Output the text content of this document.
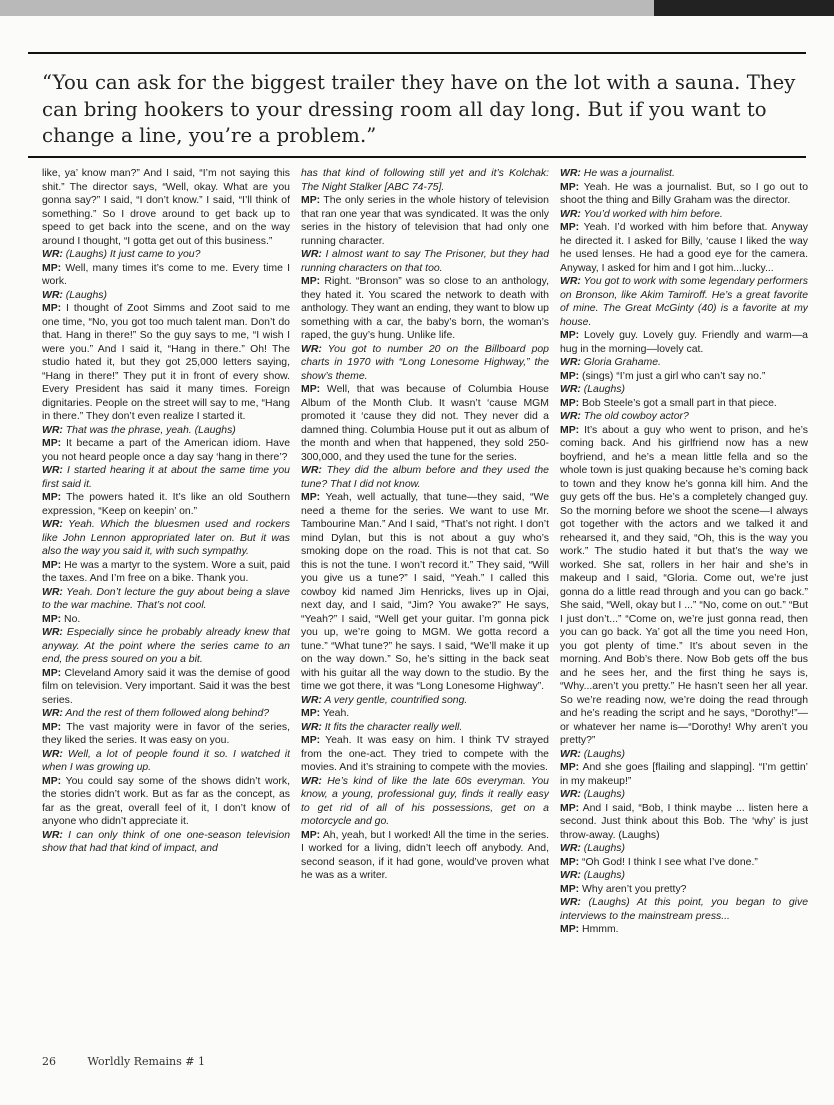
“You can ask for the biggest trailer they have on the lot with a sauna. They can bring hookers to your dressing room all day long. But if you want to change a line, you’re a problem.”

like, ya’ know man?” And I said, “I’m not saying this shit.” The director says, “Well, okay. What are you gonna say?” I said, “I don’t know.” I said, “I’ll think of something.” So I drove around to get back up to speed to get back into the scene, and on the way around I thought, “I gotta get out of this business.”

WR: (Laughs) It just came to you?

MP: Well, many times it’s come to me. Every time I work.

WR: (Laughs)

MP: I thought of Zoot Simms and Zoot said to me one time, “No, you got too much talent man. Don’t do that. Hang in there!” So the guy says to me, “I wish I were you.” And I said it, “Hang in there.” Oh! The studio hated it, but they got 25,000 letters saying, “Hang in there!” They put it in front of every show. Every President has said it many times. Foreign dignitaries. People on the street will say to me, “Hang in there.” They don’t even realize I started it.

WR: That was the phrase, yeah. (Laughs)

MP: It became a part of the American idiom. Have you not heard people once a day say ‘hang in there’?

WR: I started hearing it at about the same time you first said it.

MP: The powers hated it. It’s like an old Southern expression, “Keep on keepin’ on.”

WR: Yeah. Which the bluesmen used and rockers like John Lennon appropriated later on. But it was also the way you said it, with such sympathy.

MP: He was a martyr to the system. Wore a suit, paid the taxes. And I’m free on a bike. Thank you.

WR: Yeah. Don’t lecture the guy about being a slave to the war machine. That’s not cool.

MP: No.

WR: Especially since he probably already knew that anyway. At the point where the series came to an end, the press soured on you a bit.

MP: Cleveland Amory said it was the demise of good film on television. Very important. Said it was the best series.

WR: And the rest of them followed along behind?

MP: The vast majority were in favor of the series, they liked the series. It was easy on you.

WR: Well, a lot of people found it so. I watched it when I was growing up.

MP: You could say some of the shows didn’t work, the stories didn’t work. But as far as the concept, as far as the great, overall feel of it, I don’t know of anyone who didn’t appreciate it.

WR: I can only think of one one-season television show that had that kind of impact, and

has that kind of following still yet and it’s Kolchak: The Night Stalker [ABC 74-75].

MP: The only series in the whole history of television that ran one year that was syndicated. It was the only series in the history of television that had only one running character.

WR: I almost want to say The Prisoner, but they had running characters on that too.

MP: Right. “Bronson” was so close to an anthology, they hated it. You scared the network to death with anthology. They want an ending, they want to blow up something with a car, the baby’s born, the woman’s raped, the guy’s hung. Unlike life.

WR: You got to number 20 on the Billboard pop charts in 1970 with “Long Lonesome Highway,” the show’s theme.

MP: Well, that was because of Columbia House Album of the Month Club. It wasn’t ‘cause MGM promoted it ‘cause they did not. They never did a damned thing. Columbia House put it out as album of the month and when that happened, they sold 250-300,000, and they used the tune for the series.

WR: They did the album before and they used the tune? That I did not know.

MP: Yeah, well actually, that tune—they said, “We need a theme for the series. We want to use Mr. Tambourine Man.” And I said, “That’s not right. I don’t mind Dylan, but this is not about a guy who’s smoking dope on the road. This is not that cat. So this is not the tune. I won’t record it.” They said, “Will you give us a tune?” I said, “Yeah.” I called this cowboy kid named Jim Henricks, lives up in Ojai, next day, and I said, “Jim? You awake?” He says, “Yeah?” I said, “Well get your guitar. I’m gonna pick you up, we’re going to MGM. We gotta record a tune.” “What tune?” he says. I said, “We’ll make it up on the way down.” So, he’s sitting in the back seat with his guitar all the way down to the studio. By the time we got there, it was “Long Lonesome Highway”.

WR: A very gentle, countrified song.

MP: Yeah.

WR: It fits the character really well.

MP: Yeah. It was easy on him. I think TV strayed from the one-act. They tried to compete with the movies. And it’s straining to compete with the movies.

WR: He’s kind of like the late 60s everyman. You know, a young, professional guy, finds it really easy to get rid of all of his possessions, get on a motorcycle and go.

MP: Ah, yeah, but I worked! All the time in the series. I worked for a living, didn’t leech off anybody. And, second season, if it had gone, would’ve proven what he was as a writer.

WR: He was a journalist.

MP: Yeah. He was a journalist. But, so I go out to shoot the thing and Billy Graham was the director.

WR: You’d worked with him before.

MP: Yeah. I’d worked with him before that. Anyway he directed it. I asked for Billy, ‘cause I liked the way he used lenses. He had a good eye for the camera. Anyway, I asked for him and I got him...lucky...

WR: You got to work with some legendary performers on Bronson, like Akim Tamiroff. He’s a great favorite of mine. The Great McGinty (40) is a favorite at my house.

MP: Lovely guy. Lovely guy. Friendly and warm—a hug in the morning—lovely cat.

WR: Gloria Grahame.

MP: (sings) “I’m just a girl who can’t say no.”

WR: (Laughs)

MP: Bob Steele’s got a small part in that piece.

WR: The old cowboy actor?

MP: It’s about a guy who went to prison, and he’s coming back. And his girlfriend now has a new boyfriend, and he’s a mean little fella and so the whole town is just quaking because he’s coming back to town and they know he’s gonna kill him. And the guy gets off the bus. He’s a completely changed guy. So the morning before we shoot the scene—I always got together with the actors and we talked it and rehearsed it, and they said, “Oh, this is the way you work.” The studio hated it but that’s the way we worked. She sat, rollers in her hair and she’s in makeup and I said, “Gloria. Come out, we’re just gonna do a little read through and you can go back.” She said, “Well, okay but I ...” “No, come on out.” “But I just don’t...” “Come on, we’re just gonna read, then you can go back. Ya’ got all the time you need Hon, you got plenty of time.” It’s about seven in the morning. And Bob’s there. Now Bob gets off the bus and he sees her, and the first thing he says is, “Why...aren’t you pretty.” He hasn’t seen her all year. So we’re reading now, we’re doing the read through and he’s reading the script and he says, “Dorothy!”—or whatever her name is—“Dorothy! Why aren’t you pretty?”

WR: (Laughs)

MP: And she goes [flailing and slapping]. “I’m gettin’ in my makeup!”

WR: (Laughs)

MP: And I said, “Bob, I think maybe ... listen here a second. Just think about this Bob. The ‘why’ is just throw-away. (Laughs)

WR: (Laughs)

MP: “Oh God! I think I see what I’ve done.”

WR: (Laughs)

MP: Why aren’t you pretty?

WR: (Laughs) At this point, you began to give interviews to the mainstream press...

MP: Hmmm.

26	Worldly Remains # 1
